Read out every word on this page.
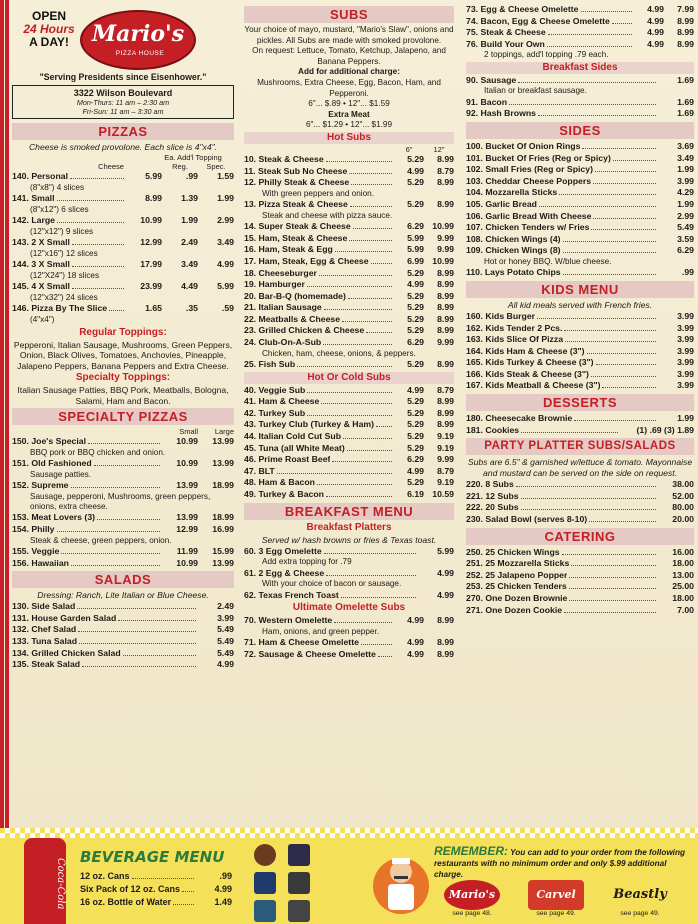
OPEN
24 Hours
A DAY!	Mario's
PIZZA HOUSE
"Serving Presidents since Eisenhower."
3322 Wilson Boulevard
Mon-Thurs: 11 am – 2:30 am
Fri-Sun: 11 am – 3:30 am
PIZZAS
Cheese is smoked provolone. Each slice is 4"x4".
Ea. Add'l Topping
Cheese	Reg.	Spec.
140. Personal	5.99	.99	1.59
(8"x8") 4 slices
141. Small	8.99	1.39	1.99
(8"x12") 6 slices
142. Large	10.99	1.99	2.99
(12"x12") 9 slices
143. 2 X Small	12.99	2.49	3.49
(12"x16") 12 slices
144. 3 X Small	17.99	3.49	4.99
(12"X24") 18 slices
145. 4 X Small	23.99	4.49	5.99
(12"x32") 24 slices
146. Pizza By The Slice	1.65	.35	.59
(4"x4")
Regular Toppings:
Pepperoni, Italian Sausage, Mushrooms, Green Peppers, Onion, Black Olives, Tomatoes, Anchovies, Pineapple, Jalapeno Peppers, Banana Peppers and Extra Cheese.
Specialty Toppings:
Italian Sausage Patties, BBQ Pork, Meatballs, Bologna, Salami, Ham and Bacon.
SPECIALTY PIZZAS
Small	Large
150. Joe's Special	10.99	13.99
BBQ pork or BBQ chicken and onion.
151. Old Fashioned	10.99	13.99
Sausage patties.
152. Supreme	13.99	18.99
Sausage, pepperoni, Mushrooms, green peppers, onions, extra cheese.
153. Meat Lovers (3)	13.99	18.99
154. Philly	12.99	16.99
Steak & cheese, green peppers, onion.
155. Veggie	11.99	15.99
156. Hawaiian	10.99	13.99
SALADS
Dressing: Ranch, Lite Italian or Blue Cheese.
130. Side Salad	2.49
131. House Garden Salad	3.99
132. Chef Salad	5.49
133. Tuna Salad	5.49
134. Grilled Chicken Salad	5.49
135. Steak Salad	4.99
SUBS
Your choice of mayo, mustard, "Mario's Slaw", onions and pickles. All Subs are made with smoked provolone.
On request: Lettuce, Tomato, Ketchup, Jalapeno, and Banana Peppers.
Add for additional charge:
Mushrooms, Extra Cheese, Egg, Bacon, Ham, and Pepperoni.
6"... $.89 • 12"... $1.59
Extra Meat
6"... $1.29 • 12"... $1.99
Hot Subs
6"	12"
10. Steak & Cheese	5.29	8.99
11. Steak Sub No Cheese	4.99	8.79
12. Philly Steak & Cheese	5.29	8.99
With green peppers and onion.
13. Pizza Steak & Cheese	5.29	8.99
Steak and cheese with pizza sauce.
14. Super Steak & Cheese	6.29 10.99
15. Ham, Steak & Cheese	5.99	9.99
16. Ham, Steak & Egg	5.99	9.99
17. Ham, Steak, Egg & Cheese	6.99 10.99
18. Cheeseburger	5.29	8.99
19. Hamburger	4.99	8.99
20. Bar-B-Q (homemade)	5.29	8.99
21. Italian Sausage	5.29	8.99
22. Meatballs & Cheese	5.29	8.99
23. Grilled Chicken & Cheese	5.29	8.99
24. Club-On-A-Sub	6.29	9.99
Chicken, ham, cheese, onions, & peppers.
25. Fish Sub	5.29	8.99
Hot Or Cold Subs
40. Veggie Sub	4.99	8.79
41. Ham & Cheese	5.29	8.99
42. Turkey Sub	5.29	8.99
43. Turkey Club (Turkey & Ham)	5.29	8.99
44. Italian Cold Cut Sub	5.29	9.19
45. Tuna (all White Meat)	5.29	9.19
46. Prime Roast Beef	6.29	9.99
47. BLT	4.99	8.79
48. Ham & Bacon	5.29	9.19
49. Turkey & Bacon	6.19 10.59
BREAKFAST MENU
Breakfast Platters
Served w/ hash browns or fries & Texas toast.
60. 3 Egg Omelette	5.99
Add extra topping for .79
61. 2 Egg & Cheese	4.99
With your choice of bacon or sausage.
62. Texas French Toast	4.99
Ultimate Omelette Subs
70. Western Omelette	4.99	8.99
Ham, onions, and green pepper.
71. Ham & Cheese Omelette	4.99	8.99
72. Sausage & Cheese Omelette	4.99	8.99
73. Egg & Cheese Omelette	4.99	7.99
74. Bacon, Egg & Cheese Omelette	4.99	8.99
75. Steak & Cheese	4.99	8.99
76. Build Your Own	4.99	8.99
2 toppings, add'l topping .79 each.
Breakfast Sides
90. Sausage	1.69
Italian or breakfast sausage.
91. Bacon	1.69
92. Hash Browns	1.69
SIDES
100. Bucket Of Onion Rings	3.69
101. Bucket Of Fries (Reg or Spicy)	3.49
102. Small Fries (Reg or Spicy)	1.99
103. Cheddar Cheese Poppers	3.99
104. Mozzarella Sticks	4.29
105. Garlic Bread	1.99
106. Garlic Bread With Cheese	2.99
107. Chicken Tenders w/ Fries	5.49
108. Chicken Wings (4)	3.59
109. Chicken Wings (8)	6.29
Hot or honey BBQ. W/blue cheese.
110. Lays Potato Chips	.99
KIDS MENU
All kid meals served with French fries.
160. Kids Burger	3.99
162. Kids Tender 2 Pcs.	3.99
163. Kids Slice Of Pizza	3.99
164. Kids Ham & Cheese (3")	3.99
165. Kids Turkey & Cheese (3")	3.99
166. Kids Steak & Cheese (3")	3.99
167. Kids Meatball & Cheese (3")	3.99
DESSERTS
180. Cheesecake Brownie	1.99
181. Cookies	(1) .69 (3) 1.89
PARTY PLATTER SUBS/SALADS
Subs are 6.5" & garnished w/lettuce & tomato. Mayonnaise and mustard can be served on the side on request.
220. 8 Subs	38.00
221. 12 Subs	52.00
222. 20 Subs	80.00
230. Salad Bowl (serves 8-10)	20.00
CATERING
250. 25 Chicken Wings	16.00
251. 25 Mozzarella Sticks	18.00
252. 25 Jalapeno Popper	13.00
253. 25 Chicken Tenders	25.00
270. One Dozen Brownie	18.00
271. One Dozen Cookie	7.00
Coca-Cola
BEVERAGE MENU
12 oz. Cans	.99
Six Pack of 12 oz. Cans	4.99
16 oz. Bottle of Water	1.49
REMEMBER: You can add to your order from the following restaurants with no minimum order and only $.99 additional charge.
Mario's	Carvel	Beastly
see page 48.	see page 49.	see page 49.
